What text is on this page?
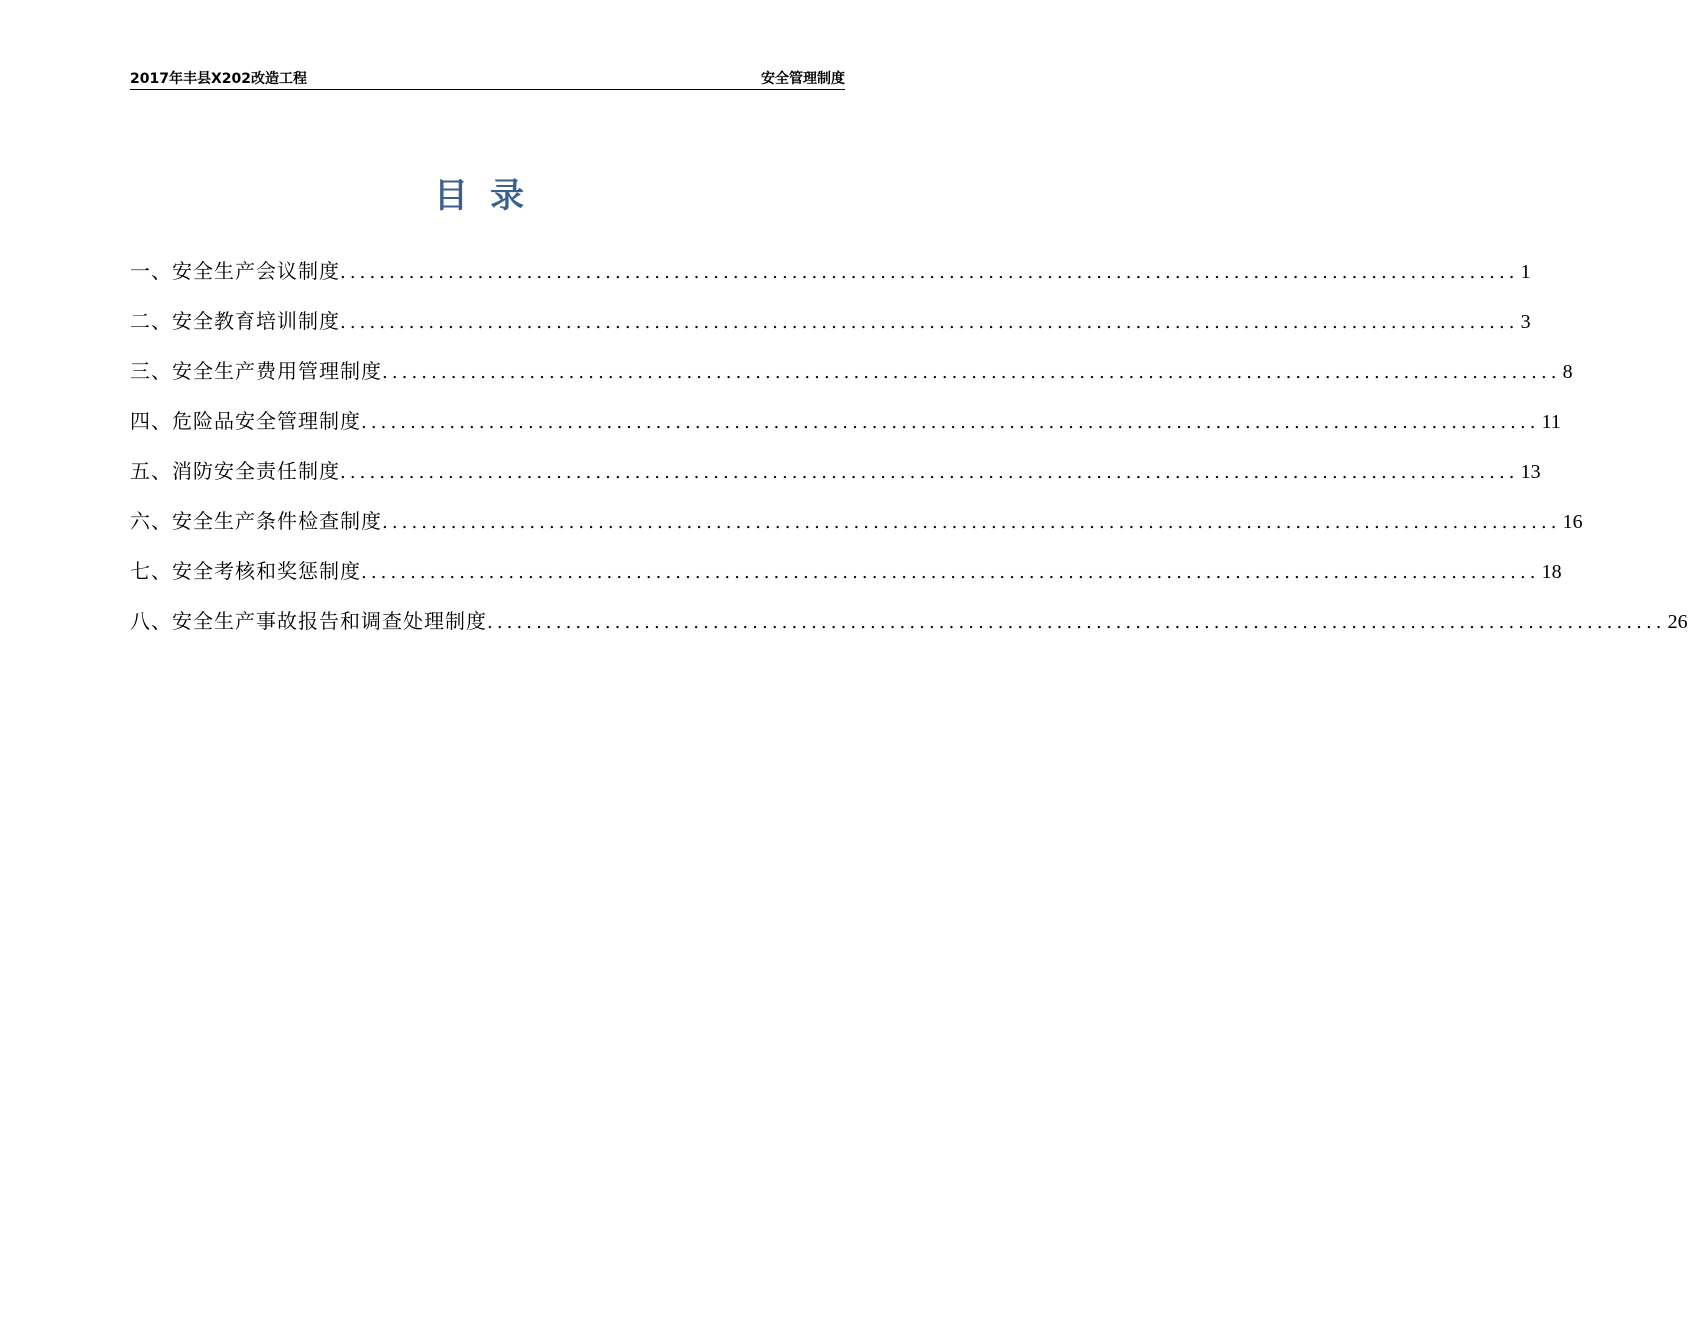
2017年丰县X202改造工程	安全管理制度
目录
一、安全生产会议制度 ........................................................................................................................ 1
二、安全教育培训制度 ........................................................................................................................ 3
三、安全生产费用管理制度 ........................................................................................................................ 8
四、危险品安全管理制度 ........................................................................................................................ 11
五、消防安全责任制度 ........................................................................................................................ 13
六、安全生产条件检查制度 ........................................................................................................................ 16
七、安全考核和奖惩制度 ........................................................................................................................ 18
八、安全生产事故报告和调查处理制度 ........................................................................................................................ 26
